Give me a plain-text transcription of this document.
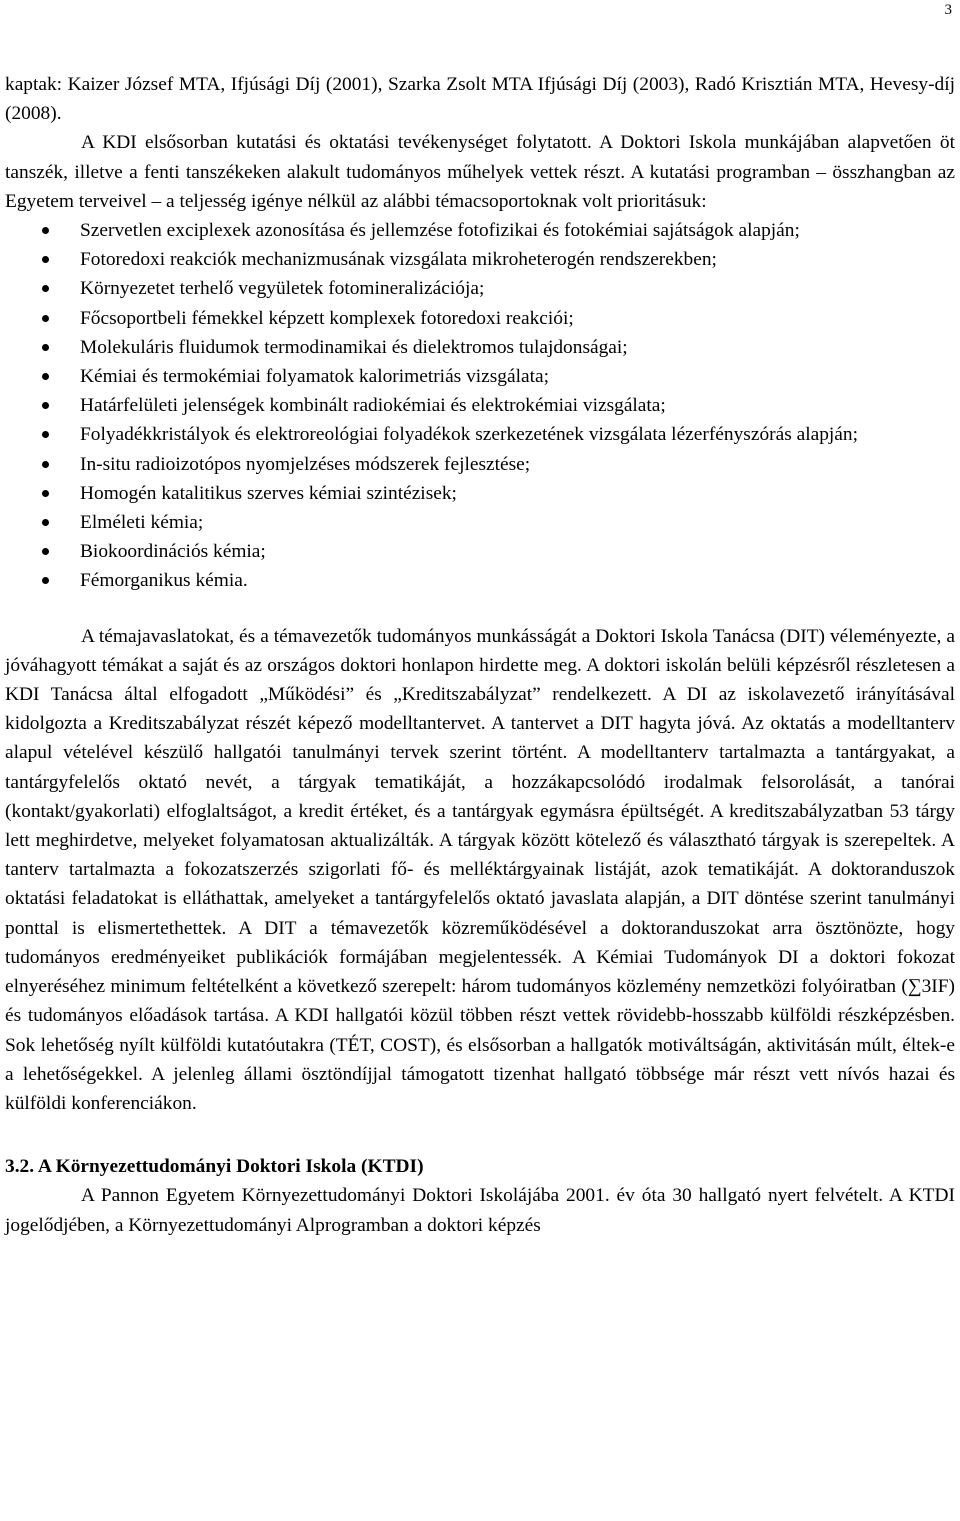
3

kaptak: Kaizer József MTA, Ifjúsági Díj (2001), Szarka Zsolt MTA Ifjúsági Díj (2003), Radó Krisztián MTA, Hevesy-díj (2008).

A KDI elsősorban kutatási és oktatási tevékenységet folytatott. A Doktori Iskola munkájában alapvetően öt tanszék, illetve a fenti tanszékeken alakult tudományos műhelyek vettek részt. A kutatási programban – összhangban az Egyetem terveivel – a teljesség igénye nélkül az alábbi témacsoportoknak volt prioritásuk:

Szervetlen exciplexek azonosítása és jellemzése fotofizikai és fotokémiai sajátságok alapján;
Fotoredoxi reakciók mechanizmusának vizsgálata mikroheterogén rendszerekben;
Környezetet terhelő vegyületek fotomineralizációja;
Főcsoportbeli fémekkel képzett komplexek fotoredoxi reakciói;
Molekuláris fluidumok termodinamikai és dielektromos tulajdonságai;
Kémiai és termokémiai folyamatok kalorimetriás vizsgálata;
Határfelületi jelenségek kombinált radiokémiai és elektrokémiai vizsgálata;
Folyadékkristályok és elektroreológiai folyadékok szerkezetének vizsgálata lézerfényszórás alapján;
In-situ radioizotópos nyomjelzéses módszerek fejlesztése;
Homogén katalitikus szerves kémiai szintézisek;
Elméleti kémia;
Biokoordinációs kémia;
Fémorganikus kémia.

A témajavaslatokat, és a témavezetők tudományos munkásságát a Doktori Iskola Tanácsa (DIT) véleményezte, a jóváhagyott témákat a saját és az országos doktori honlapon hirdette meg. A doktori iskolán belüli képzésről részletesen a KDI Tanácsa által elfogadott „Működési” és „Kreditszabályzat” rendelkezett. A DI az iskolavezető irányításával kidolgozta a Kreditszabályzat részét képező modelltantervet. A tantervet a DIT hagyta jóvá. Az oktatás a modelltanterv alapul vételével készülő hallgatói tanulmányi tervek szerint történt. A modelltanterv tartalmazta a tantárgyakat, a tantárgyfelelős oktató nevét, a tárgyak tematikáját, a hozzákapcsolódó irodalmak felsorolását, a tanórai (kontakt/gyakorlati) elfoglaltságot, a kredit értéket, és a tantárgyak egymásra épültségét. A kreditszabályzatban 53 tárgy lett meghirdetve, melyeket folyamatosan aktualizálták. A tárgyak között kötelező és választható tárgyak is szerepeltek. A tanterv tartalmazta a fokozatszerzés szigorlati fő- és melléktárgyainak listáját, azok tematikáját. A doktoranduszok oktatási feladatokat is elláthattak, amelyeket a tantárgyfelelős oktató javaslata alapján, a DIT döntése szerint tanulmányi ponttal is elismertethettek. A DIT a témavezetők közreműködésével a doktoranduszokat arra ösztönözte, hogy tudományos eredményeiket publikációk formájában megjelentessék. A Kémiai Tudományok DI a doktori fokozat elnyeréséhez minimum feltételként a következő szerepelt: három tudományos közlemény nemzetközi folyóiratban (∑3IF) és tudományos előadások tartása. A KDI hallgatói közül többen részt vettek rövidebb-hosszabb külföldi részképzésben. Sok lehetőség nyílt külföldi kutatóutakra (TÉT, COST), és elsősorban a hallgatók motiváltságán, aktivitásán múlt, éltek-e a lehetőségekkel. A jelenleg állami ösztöndíjjal támogatott tizenhat hallgató többsége már részt vett nívós hazai és külföldi konferenciákon.

3.2. A Környezettudományi Doktori Iskola (KTDI)

A Pannon Egyetem Környezettudományi Doktori Iskolájába 2001. év óta 30 hallgató nyert felvételt. A KTDI jogelődjében, a Környezettudományi Alprogramban a doktori képzés
